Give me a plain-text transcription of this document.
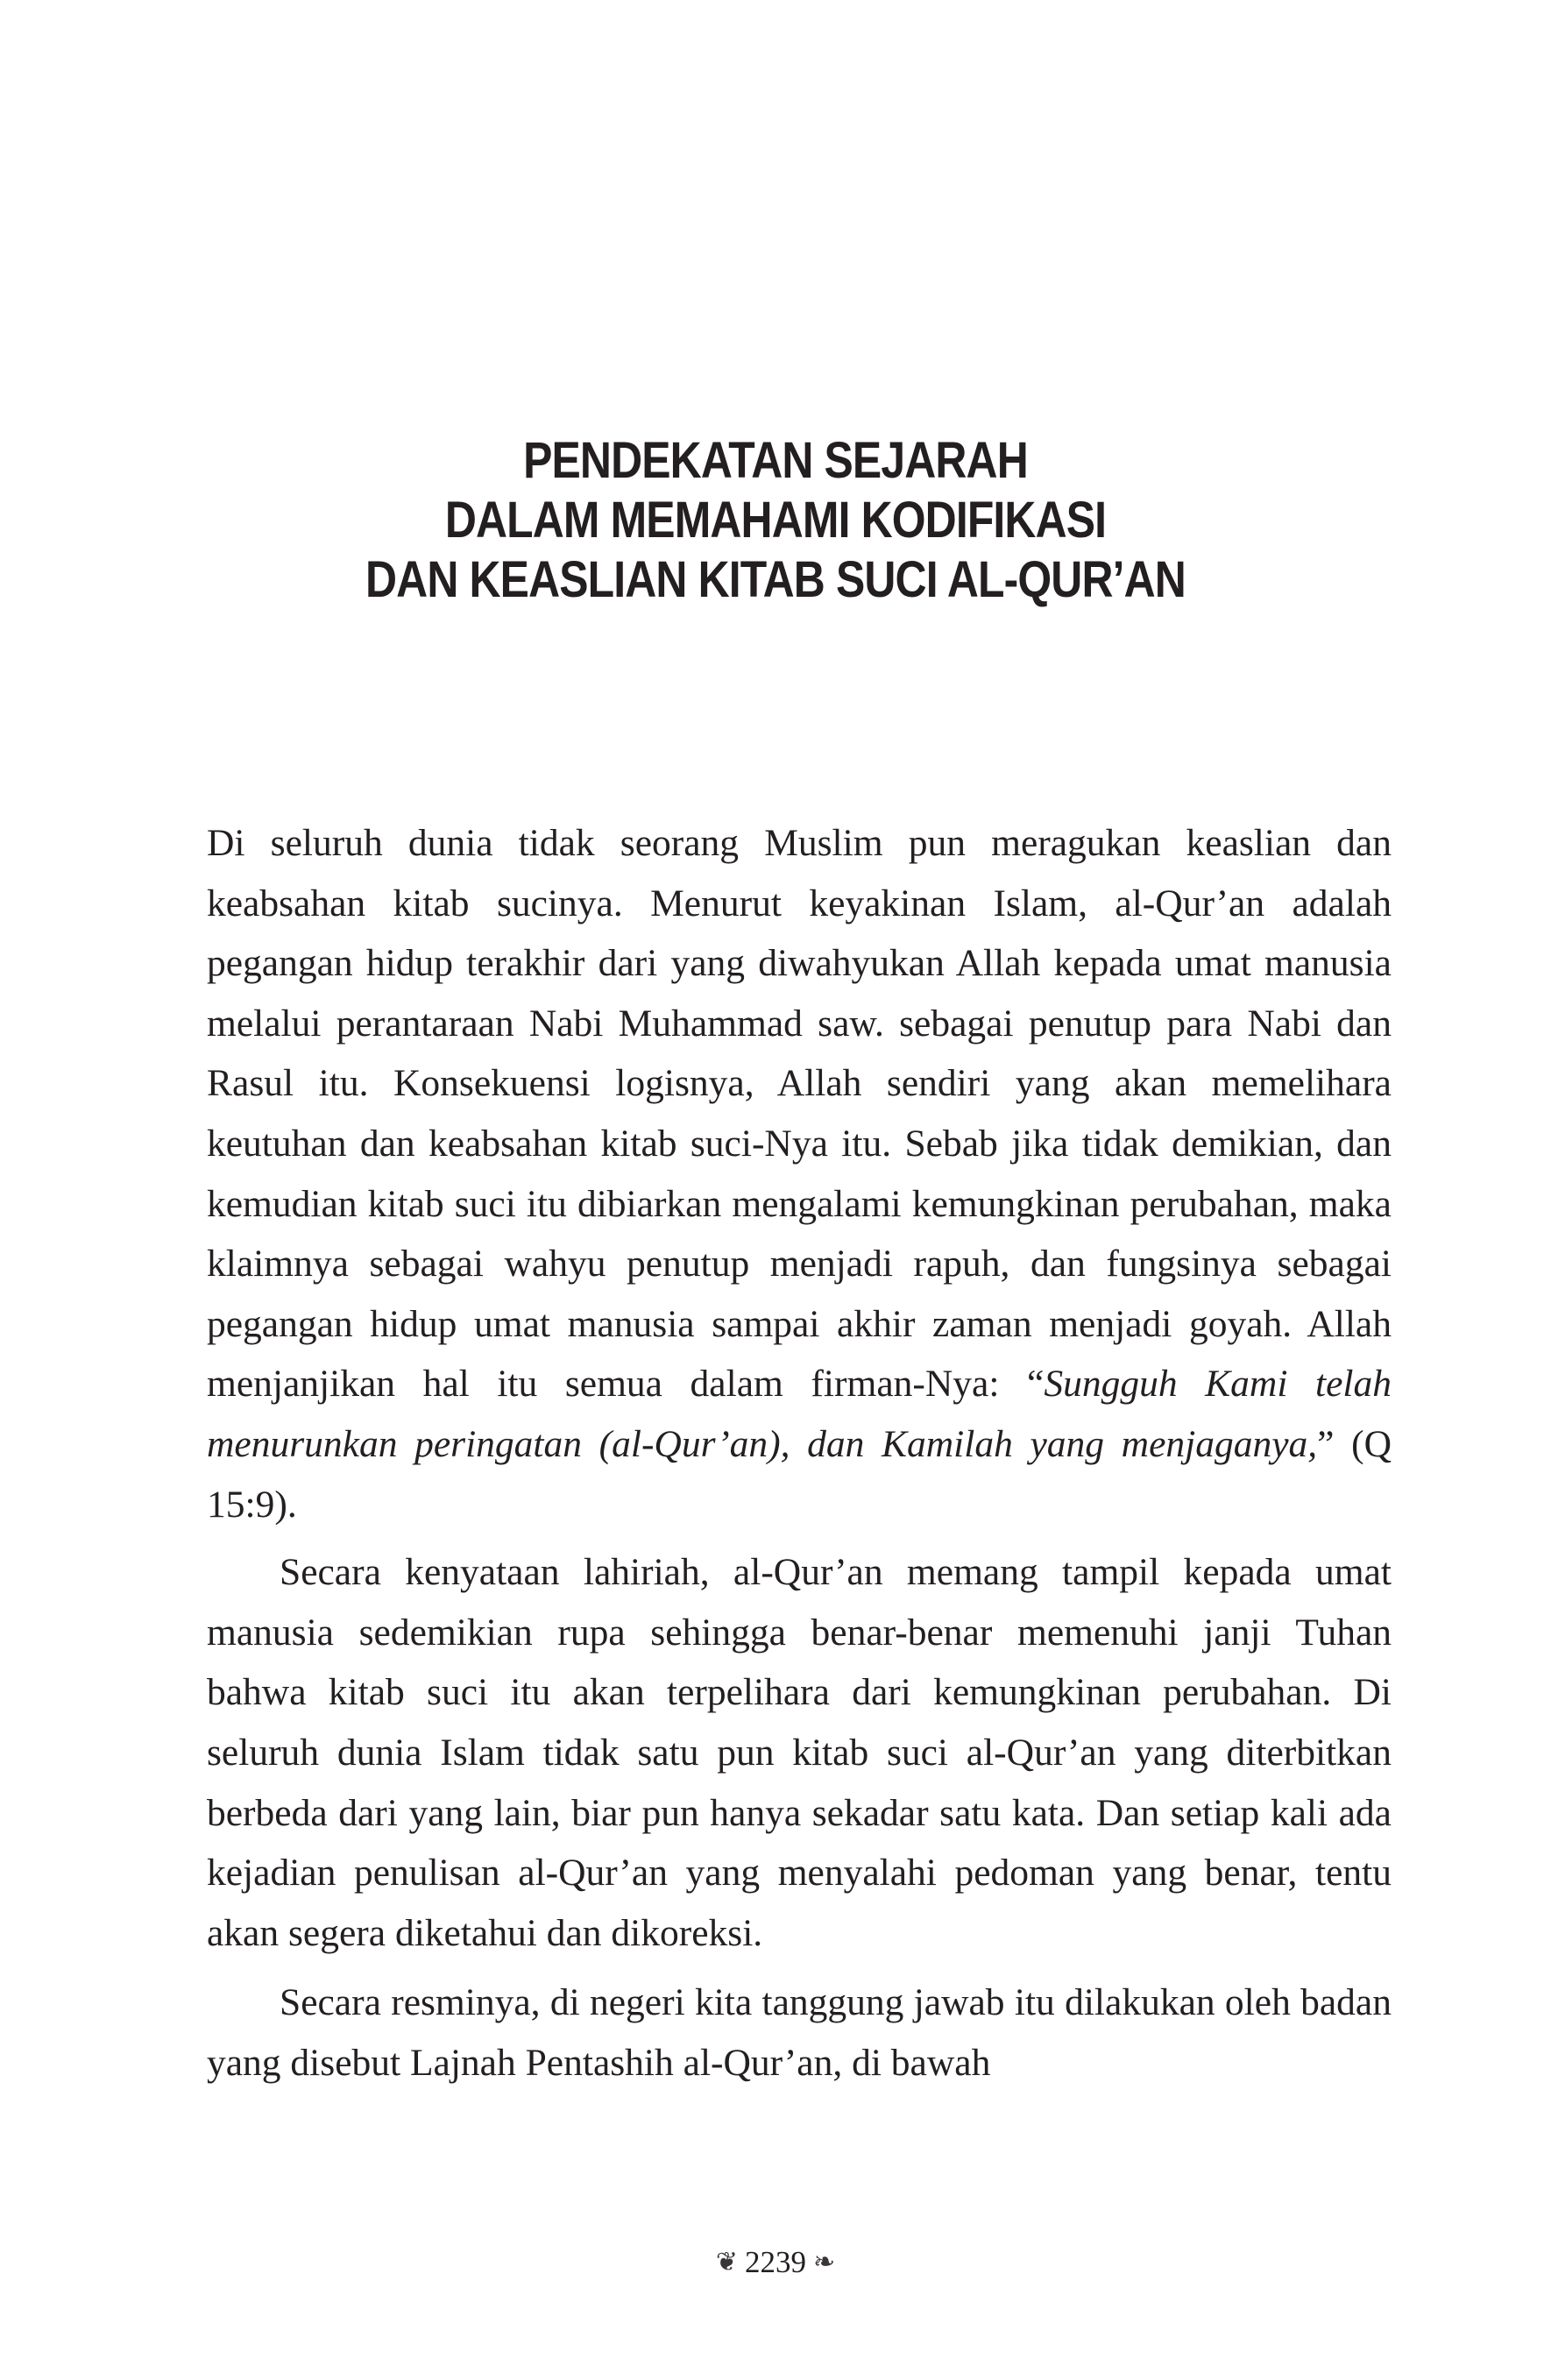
PENDEKATAN SEJARAH
DALAM MEMAHAMI KODIFIKASI
DAN KEASLIAN KITAB SUCI AL-QUR’AN

Di seluruh dunia tidak seorang Muslim pun meragukan keaslian dan keabsahan kitab sucinya. Menurut keyakinan Islam, al-Qur’an adalah pegangan hidup terakhir dari yang diwahyukan Allah kepada umat manusia melalui perantaraan Nabi Muhammad saw. sebagai penutup para Nabi dan Rasul itu. Konsekuensi logisnya, Allah sendiri yang akan memelihara keutuhan dan keabsahan kitab suci-Nya itu. Sebab jika tidak demikian, dan kemudian kitab suci itu dibiarkan mengalami kemungkinan perubahan, maka klaimnya sebagai wahyu penutup menjadi rapuh, dan fungsinya sebagai pegangan hidup umat manusia sampai akhir zaman menjadi goyah. Allah menjanjikan hal itu semua dalam firman-Nya: “Sungguh Kami telah menurunkan peringatan (al-Qur’an), dan Kamilah yang menjaganya,” (Q 15:9).

Secara kenyataan lahiriah, al-Qur’an memang tampil kepada umat manusia sedemikian rupa sehingga benar-benar memenuhi janji Tuhan bahwa kitab suci itu akan terpelihara dari kemungkinan perubahan. Di seluruh dunia Islam tidak satu pun kitab suci al-Qur’an yang diterbitkan berbeda dari yang lain, biar pun hanya sekadar satu kata. Dan setiap kali ada kejadian penulisan al-Qur’an yang menyalahi pedoman yang benar, tentu akan segera diketahui dan dikoreksi.

Secara resminya, di negeri kita tanggung jawab itu dilakukan oleh badan yang disebut Lajnah Pentashih al-Qur’an, di bawah

❦ 2239 ❧
